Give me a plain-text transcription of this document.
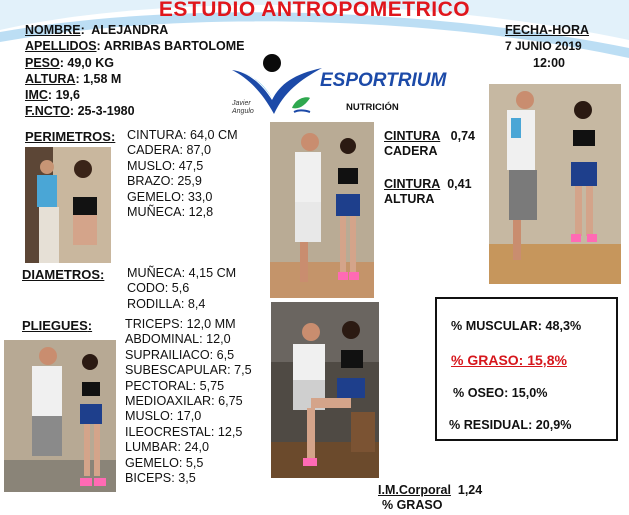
ESTUDIO ANTROPOMETRICO
NOMBRE:  ALEJANDRA
APELLIDOS: ARRIBAS BARTOLOME
PESO: 49,0 KG
ALTURA: 1,58 M
IMC: 19,6
F.NCTO: 25-3-1980
FECHA-HORA
7 JUNIO 2019
12:00
ESPORTRIUM
NUTRICIÓN
Javier Angulo
PERIMETROS: CINTURA: 64,0 CM
CADERA: 87,0
MUSLO: 47,5
BRAZO: 25,9
GEMELO: 33,0
MUÑECA: 12,8
DIAMETROS: MUÑECA: 4,15 CM
CODO: 5,6
RODILLA: 8,4
PLIEGUES:	TRICEPS: 12,0 MM
ABDOMINAL: 12,0
SUPRAILIACO: 6,5
SUBESCAPULAR: 7,5
PECTORAL: 5,75
MEDIOAXILAR: 6,75
MUSLO: 17,0
ILEOCRESTAL: 12,5
LUMBAR: 24,0
GEMELO: 5,5
BICEPS: 3,5
CINTURA 0,74
CADERA
CINTURA 0,41
ALTURA
% MUSCULAR: 48,3%
% GRASO: 15,8%
% OSEO: 15,0%
% RESIDUAL: 20,9%
I.M.Corporal 1,24
% GRASO
